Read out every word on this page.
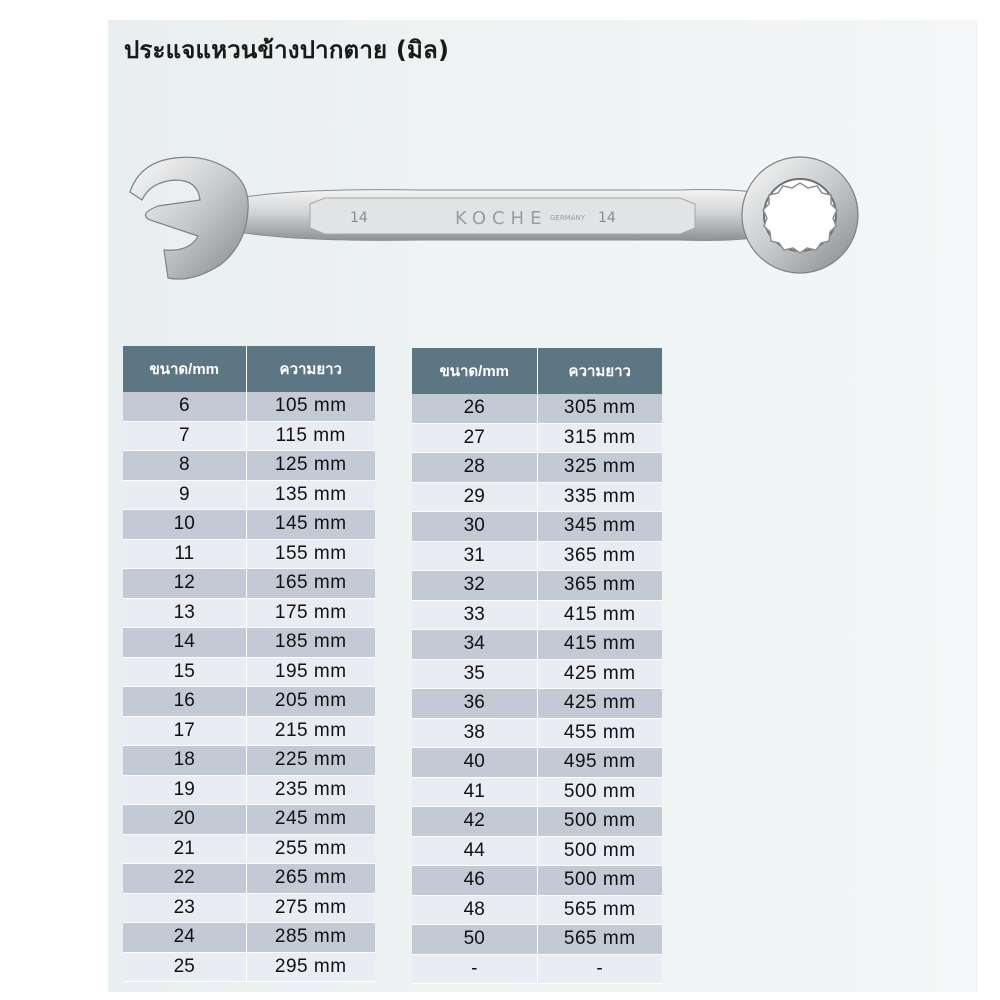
ประแจแหวนข้างปากตาย (มิล)
14	KOCHE GERMANY 14
ขนาด/mm	ความยาว
6	105 mm
7	115 mm
8	125 mm
9	135 mm
10	145 mm
11	155 mm
12	165 mm
13	175 mm
14	185 mm
15	195 mm
16	205 mm
17	215 mm
18	225 mm
19	235 mm
20	245 mm
21	255 mm
22	265 mm
23	275 mm
24	285 mm
25	295 mm
ขนาด/mm	ความยาว
26	305 mm
27	315 mm
28	325 mm
29	335 mm
30	345 mm
31	365 mm
32	365 mm
33	415 mm
34	415 mm
35	425 mm
36	425 mm
38	455 mm
40	495 mm
41	500 mm
42	500 mm
44	500 mm
46	500 mm
48	565 mm
50	565 mm
-	-
